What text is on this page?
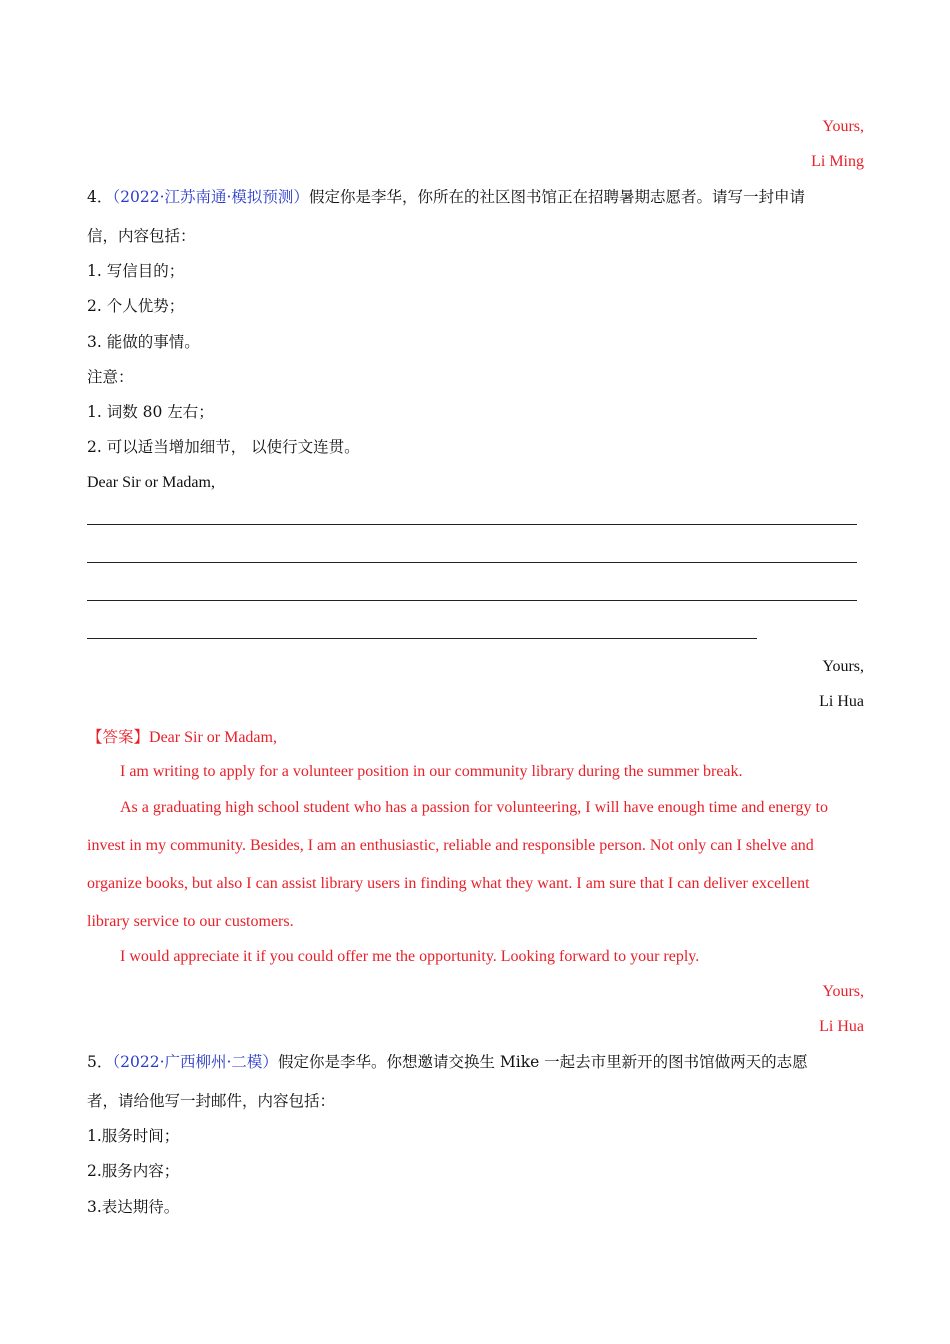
Yours,
Li Ming
4．（2022·江苏南通·模拟预测）假定你是李华，你所在的社区图书馆正在招聘暑期志愿者。请写一封申请
信，内容包括：
1. 写信目的；
2. 个人优势；
3. 能做的事情。
注意：
1. 词数 80 左右；
2. 可以适当增加细节， 以使行文连贯。
Dear Sir or Madam,
Yours,
Li Hua
【答案】Dear Sir or Madam,
I am writing to apply for a volunteer position in our community library during the summer break.
As a graduating high school student who has a passion for volunteering, I will have enough time and energy to
invest in my community. Besides, I am an enthusiastic, reliable and responsible person. Not only can I shelve and
organize books, but also I can assist library users in finding what they want. I am sure that I can deliver excellent
library service to our customers.
I would appreciate it if you could offer me the opportunity. Looking forward to your reply.
Yours,
Li Hua
5．（2022·广西柳州·二模）假定你是李华。你想邀请交换生 Mike 一起去市里新开的图书馆做两天的志愿
者，请给他写一封邮件，内容包括：
1.服务时间；
2.服务内容；
3.表达期待。
